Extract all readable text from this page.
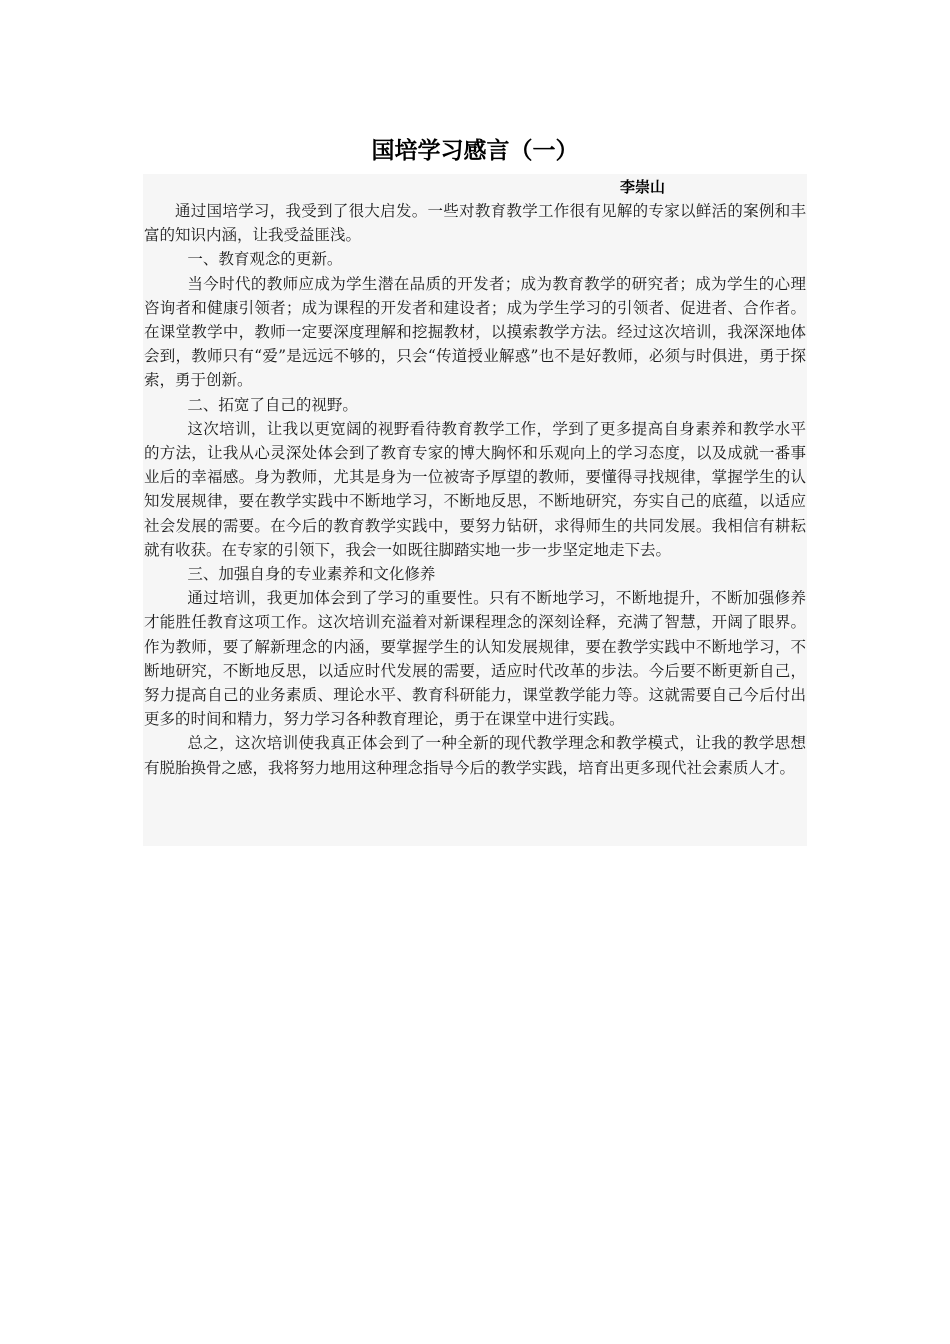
国培学习感言（一）
李崇山

通过国培学习，我受到了很大启发。一些对教育教学工作很有见解的专家以鲜活的案例和丰富的知识内涵，让我受益匪浅。

一、教育观念的更新。

当今时代的教师应成为学生潜在品质的开发者；成为教育教学的研究者；成为学生的心理咨询者和健康引领者；成为课程的开发者和建设者；成为学生学习的引领者、促进者、合作者。在课堂教学中，教师一定要深度理解和挖掘教材，以摸索教学方法。经过这次培训，我深深地体会到，教师只有“爱”是远远不够的，只会“传道授业解惑”也不是好教师，必须与时俱进，勇于探索，勇于创新。

二、拓宽了自己的视野。

这次培训，让我以更宽阔的视野看待教育教学工作，学到了更多提高自身素养和教学水平的方法，让我从心灵深处体会到了教育专家的博大胸怀和乐观向上的学习态度，以及成就一番事业后的幸福感。身为教师，尤其是身为一位被寄予厚望的教师，要懂得寻找规律，掌握学生的认知发展规律，要在教学实践中不断地学习，不断地反思，不断地研究，夯实自己的底蕴，以适应社会发展的需要。在今后的教育教学实践中，要努力钻研，求得师生的共同发展。我相信有耕耘就有收获。在专家的引领下，我会一如既往脚踏实地一步一步坚定地走下去。

三、加强自身的专业素养和文化修养

通过培训，我更加体会到了学习的重要性。只有不断地学习，不断地提升，不断加强修养才能胜任教育这项工作。这次培训充溢着对新课程理念的深刻诠释，充满了智慧，开阔了眼界。作为教师，要了解新理念的内涵，要掌握学生的认知发展规律，要在教学实践中不断地学习，不断地研究，不断地反思，以适应时代发展的需要，适应时代改革的步法。今后要不断更新自己，努力提高自己的业务素质、理论水平、教育科研能力，课堂教学能力等。这就需要自己今后付出更多的时间和精力，努力学习各种教育理论，勇于在课堂中进行实践。

总之，这次培训使我真正体会到了一种全新的现代教学理念和教学模式，让我的教学思想有脱胎换骨之感，我将努力地用这种理念指导今后的教学实践，培育出更多现代社会素质人才。
